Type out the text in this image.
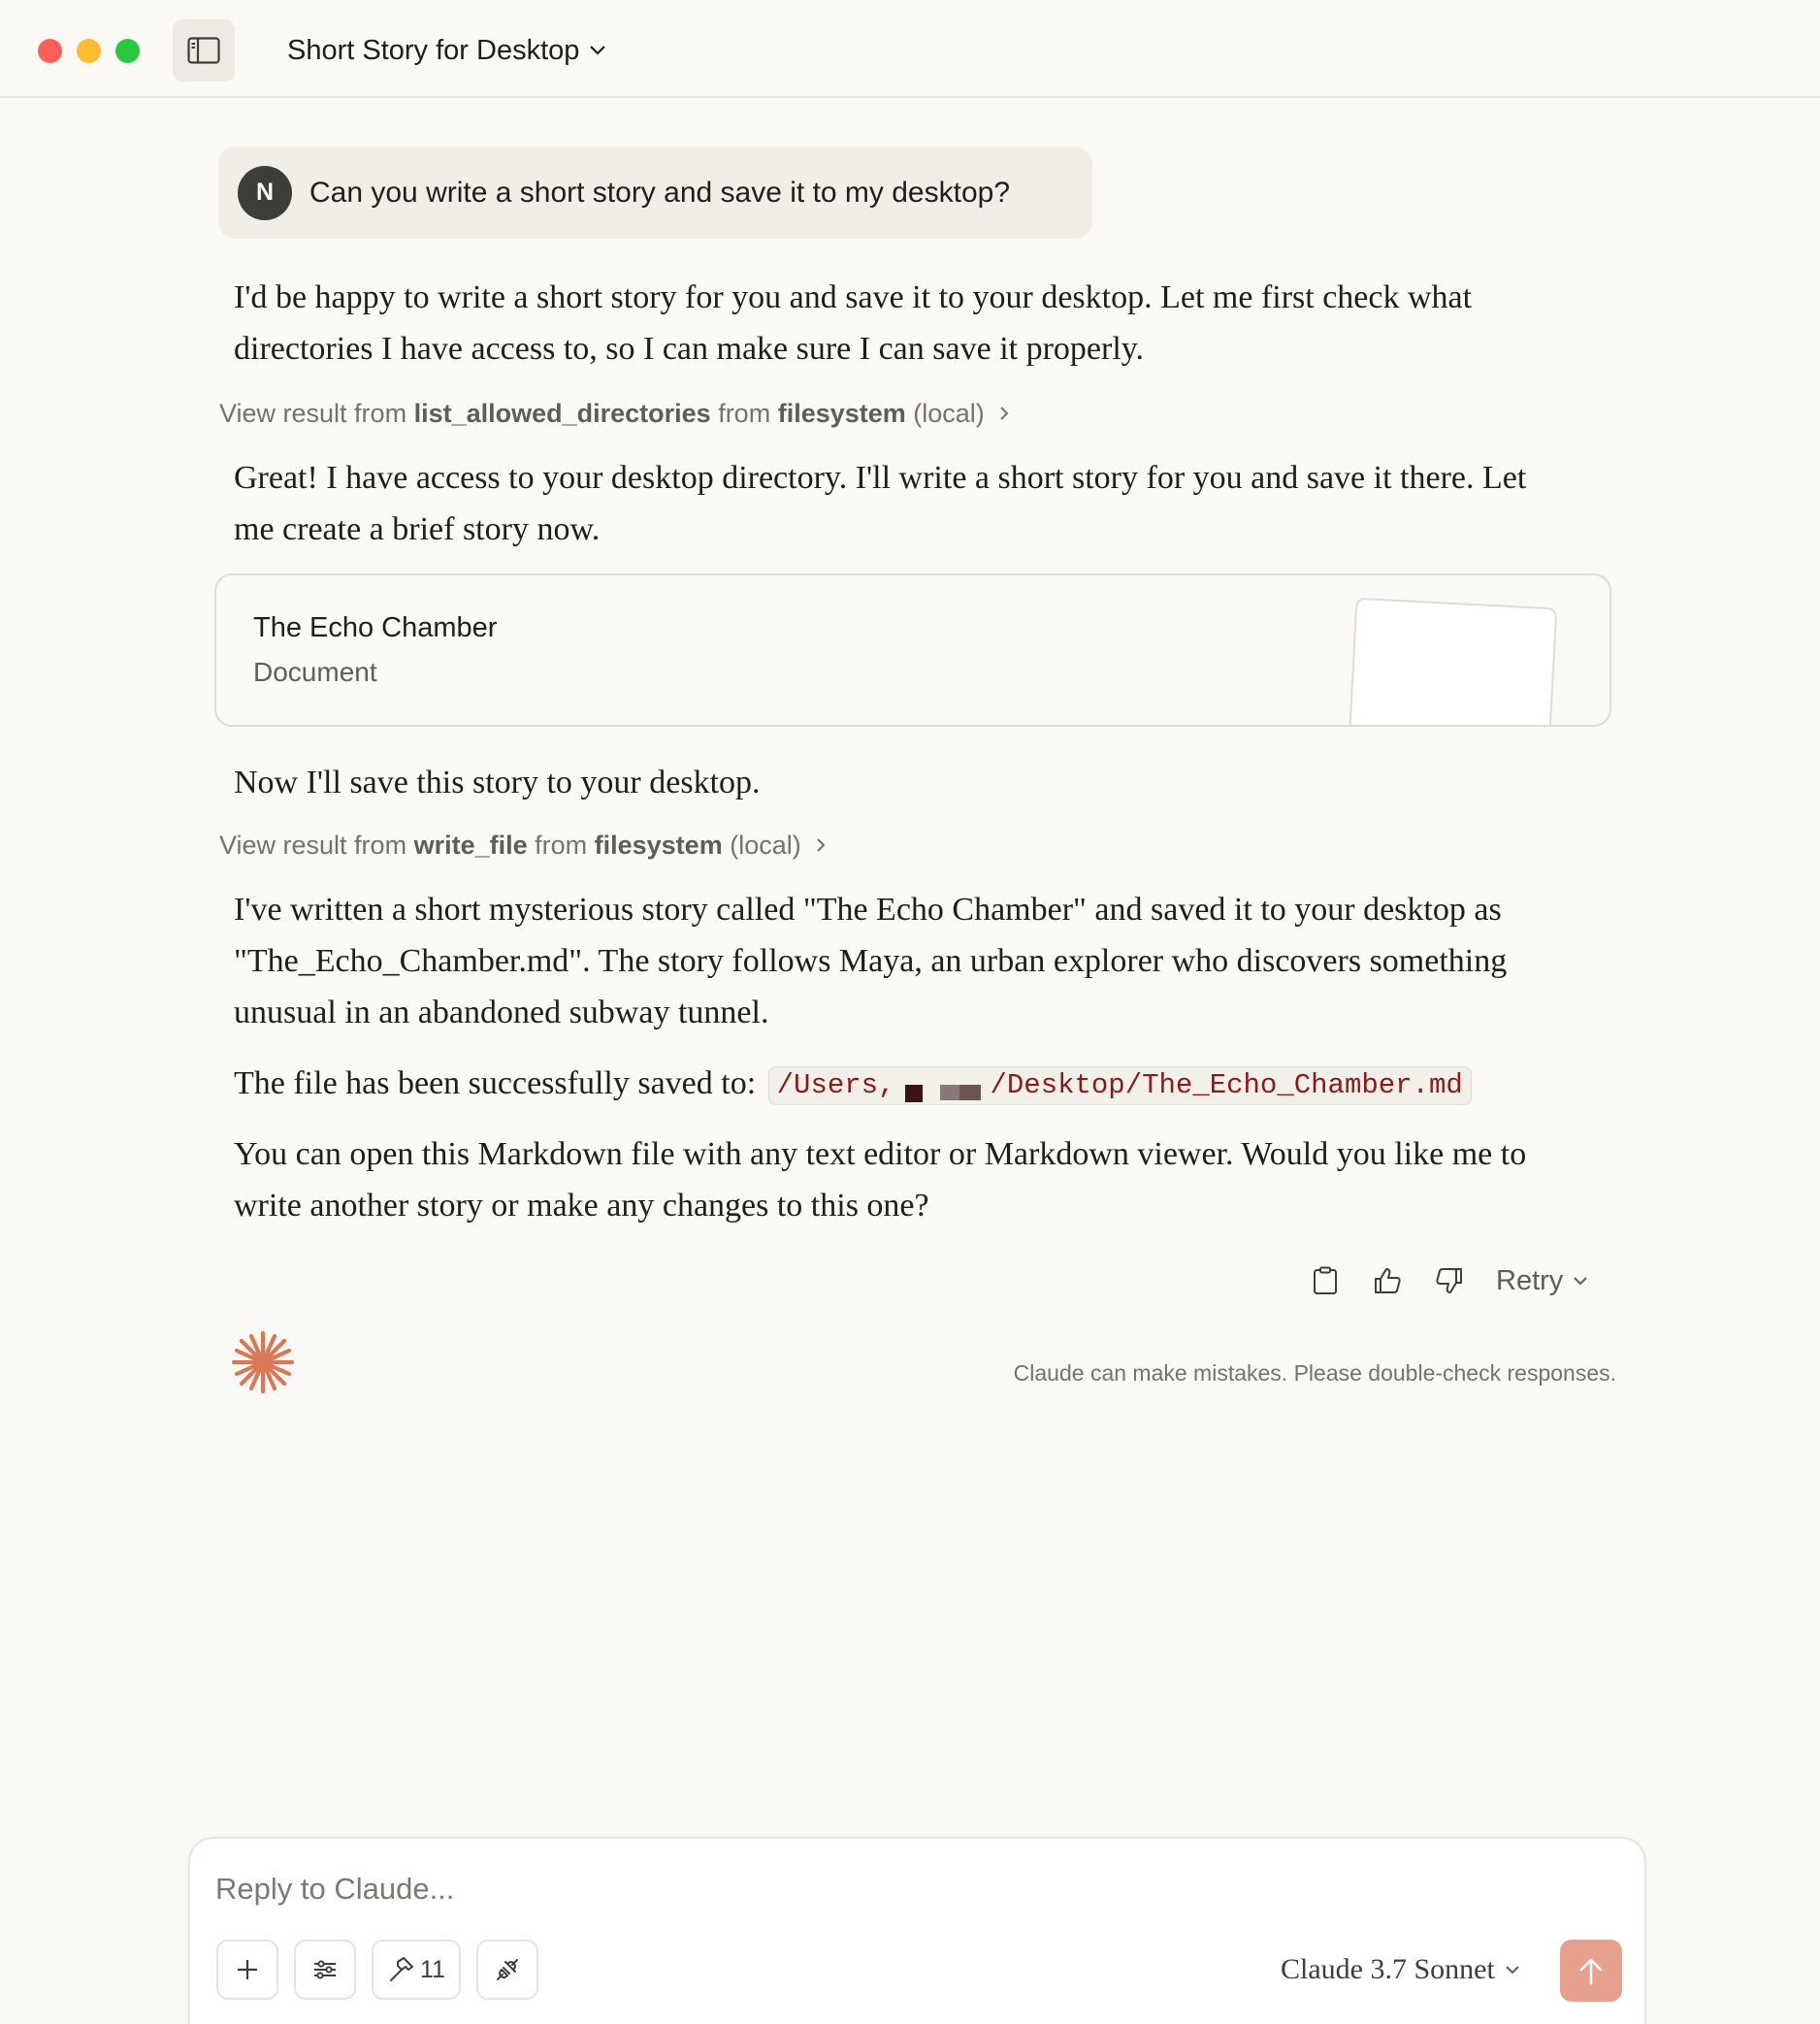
Short Story for Desktop
N	Can you write a short story and save it to my desktop?

I'd be happy to write a short story for you and save it to your desktop. Let me first check what directories I have access to, so I can make sure I can save it properly.

View result from list_allowed_directories from filesystem (local)

Great! I have access to your desktop directory. I'll write a short story for you and save it there. Let me create a brief story now.

The Echo Chamber
Document

Now I'll save this story to your desktop.

View result from write_file from filesystem (local)

I've written a short mysterious story called "The Echo Chamber" and saved it to your desktop as "The_Echo_Chamber.md". The story follows Maya, an urban explorer who discovers something unusual in an abandoned subway tunnel.

The file has been successfully saved to: /Users,	/Desktop/The_Echo_Chamber.md

You can open this Markdown file with any text editor or Markdown viewer. Would you like me to write another story or make any changes to this one?

Retry
Claude can make mistakes. Please double-check responses.
Reply to Claude...
11	Claude 3.7 Sonnet
